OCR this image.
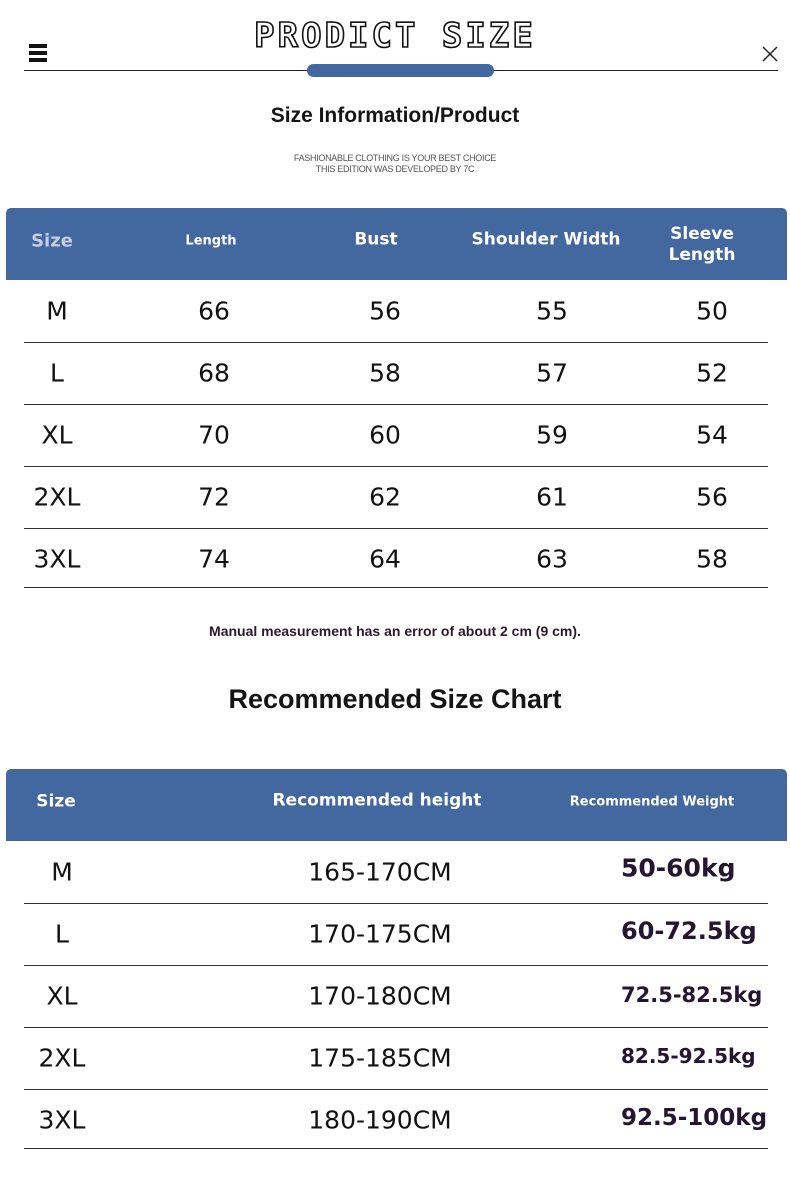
PRODICT SIZE
Size Information/Product
FASHIONABLE CLOTHING IS YOUR BEST CHOICE
THIS EDITION WAS DEVELOPED BY 7C
Size	Length	Bust	Shoulder Width	Sleeve Length
M	66	56	55	50
L	68	58	57	52
XL	70	60	59	54
2XL	72	62	61	56
3XL	74	64	63	58
Manual measurement has an error of about 2 cm (9 cm).
Recommended Size Chart
Size	Recommended height	Recommended Weight
M	165-170CM	50-60kg
L	170-175CM	60-72.5kg
XL	170-180CM	72.5-82.5kg
2XL	175-185CM	82.5-92.5kg
3XL	180-190CM	92.5-100kg
